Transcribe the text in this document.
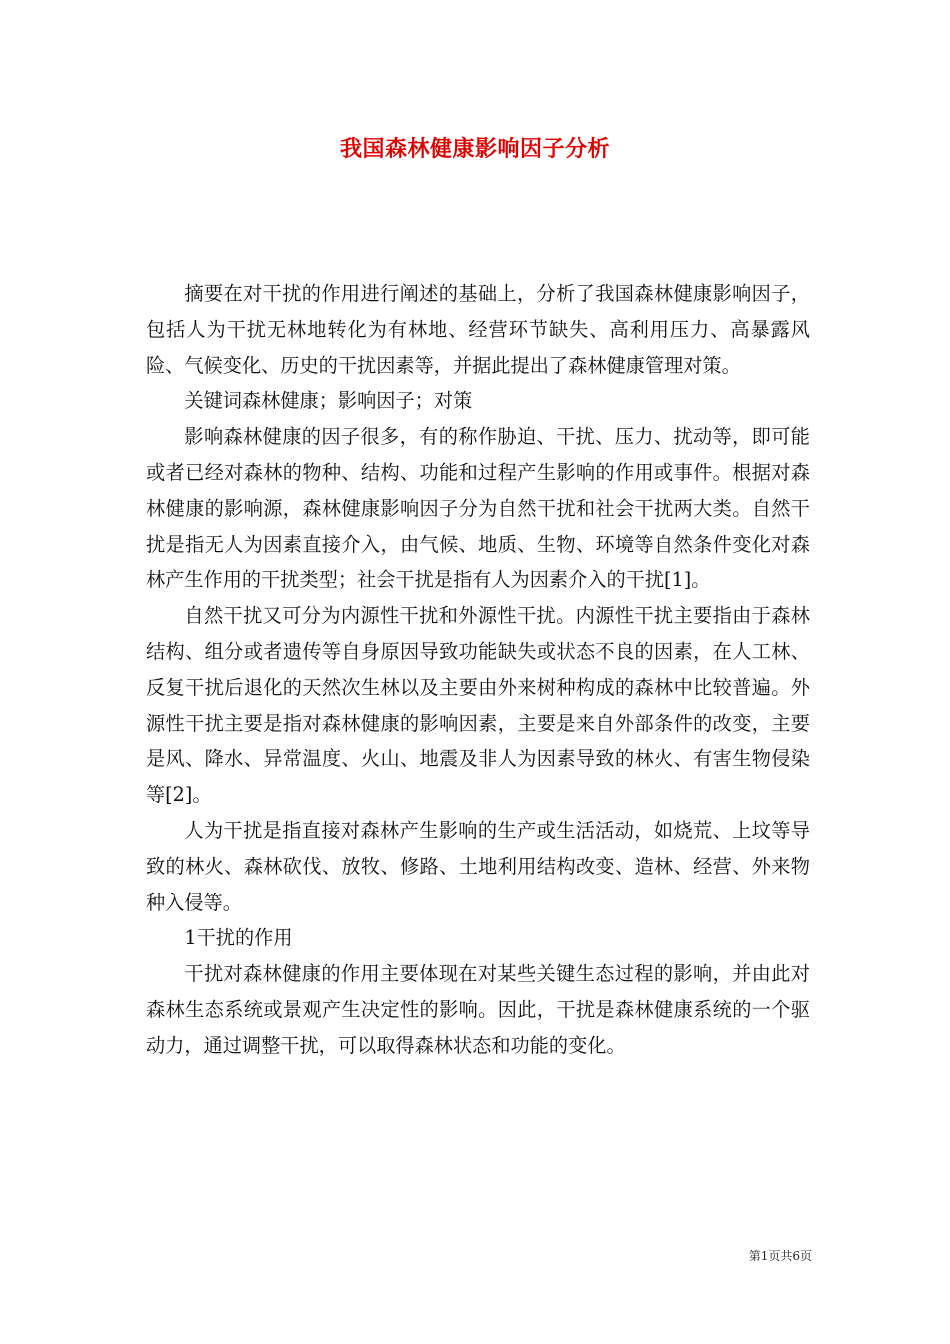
我国森林健康影响因子分析

摘要在对干扰的作用进行阐述的基础上，分析了我国森林健康影响因子，包括人为干扰无林地转化为有林地、经营环节缺失、高利用压力、高暴露风险、气候变化、历史的干扰因素等，并据此提出了森林健康管理对策。

关键词森林健康；影响因子；对策

影响森林健康的因子很多，有的称作胁迫、干扰、压力、扰动等，即可能或者已经对森林的物种、结构、功能和过程产生影响的作用或事件。根据对森林健康的影响源，森林健康影响因子分为自然干扰和社会干扰两大类。自然干扰是指无人为因素直接介入，由气候、地质、生物、环境等自然条件变化对森林产生作用的干扰类型；社会干扰是指有人为因素介入的干扰[1]。

自然干扰又可分为内源性干扰和外源性干扰。内源性干扰主要指由于森林结构、组分或者遗传等自身原因导致功能缺失或状态不良的因素，在人工林、反复干扰后退化的天然次生林以及主要由外来树种构成的森林中比较普遍。外源性干扰主要是指对森林健康的影响因素，主要是来自外部条件的改变，主要是风、降水、异常温度、火山、地震及非人为因素导致的林火、有害生物侵染等[2]。

人为干扰是指直接对森林产生影响的生产或生活活动，如烧荒、上坟等导致的林火、森林砍伐、放牧、修路、土地利用结构改变、造林、经营、外来物种入侵等。

1干扰的作用

干扰对森林健康的作用主要体现在对某些关键生态过程的影响，并由此对森林生态系统或景观产生决定性的影响。因此，干扰是森林健康系统的一个驱动力，通过调整干扰，可以取得森林状态和功能的变化。

第1页共6页
